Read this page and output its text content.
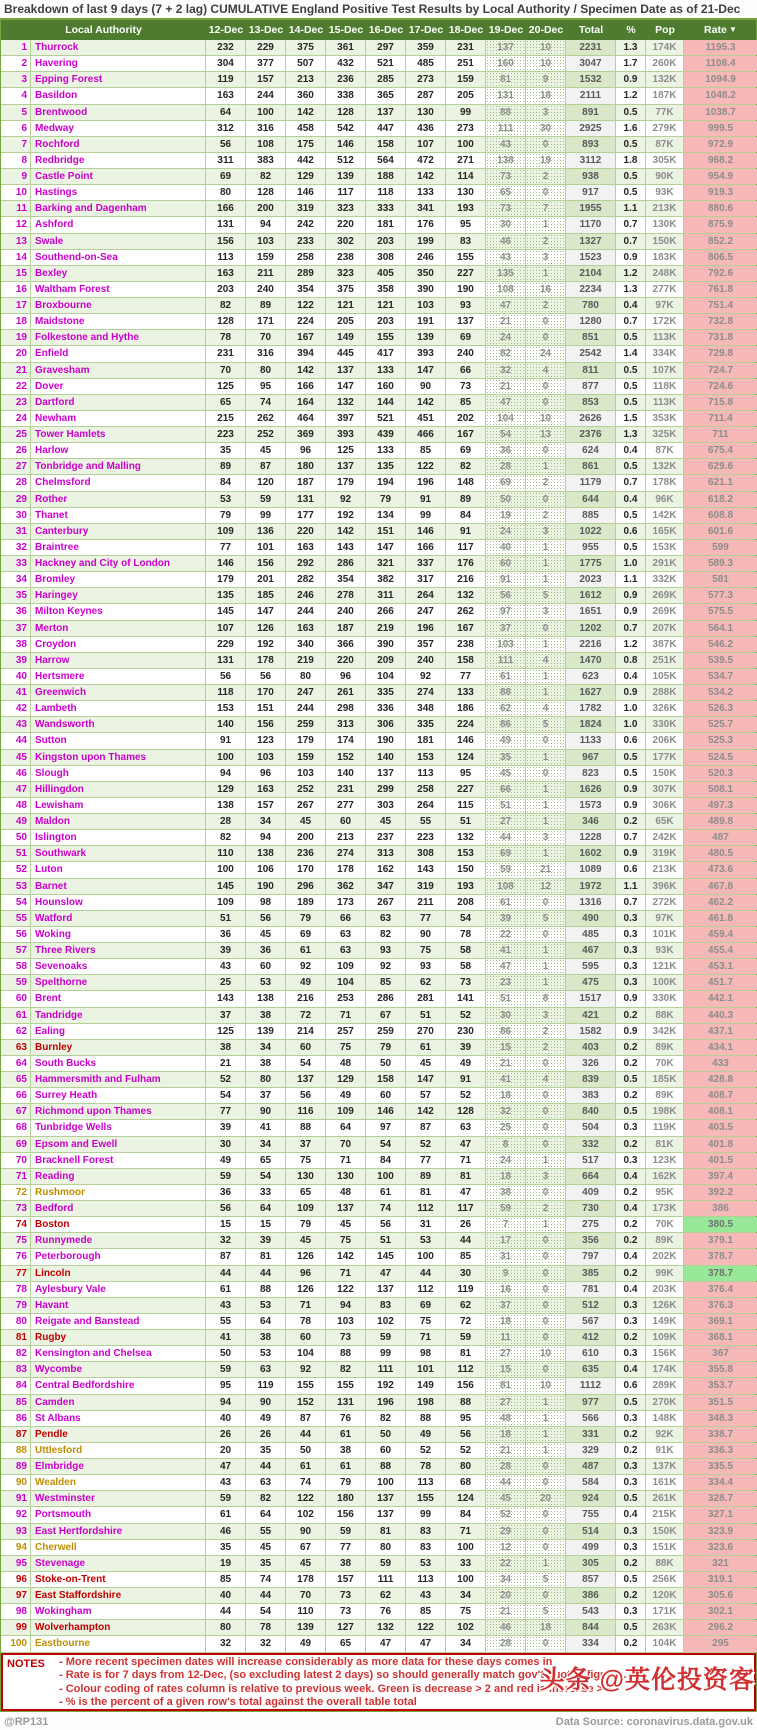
Breakdown of last 9 days (7 + 2 lag) CUMULATIVE England Positive Test Results by Local Authority / Specimen Date as of 21-Dec
Local Authority	12-Dec 13-Dec 14-Dec 15-Dec 16-Dec 17-Dec 18-Dec 19-Dec 20-Dec	Total	%	Pop	Rate ▼
1 Thurrock	232	229	375	361	297	359	231	137	10	2231	1.3	174K	1195.3
2 Havering	304	377	507	432	521	485	251	160	10	3047	1.7	260K	1108.4
3 Epping Forest	119	157	213	236	285	273	159	81	9	1532	0.9	132K	1094.9
4 Basildon	163	244	360	338	365	287	205	131	18	2111	1.2	187K	1048.2
5 Brentwood	64	100	142	128	137	130	99	88	3	891	0.5	77K	1038.7
6 Medway	312	316	458	542	447	436	273	111	30	2925	1.6	279K	999.5
7 Rochford	56	108	175	146	158	107	100	43	0	893	0.5	87K	972.9
8 Redbridge	311	383	442	512	564	472	271	138	19	3112	1.8	305K	968.2
9 Castle Point	69	82	129	139	188	142	114	73	2	938	0.5	90K	954.9
10 Hastings	80	128	146	117	118	133	130	65	0	917	0.5	93K	919.3
11 Barking and Dagenham	166	200	319	323	333	341	193	73	7	1955	1.1	213K	880.6
12 Ashford	131	94	242	220	181	176	95	30	1	1170	0.7	130K	875.9
13 Swale	156	103	233	302	203	199	83	46	2	1327	0.7	150K	852.2
14 Southend-on-Sea	113	159	258	238	308	246	155	43	3	1523	0.9	183K	806.5
15 Bexley	163	211	289	323	405	350	227	135	1	2104	1.2	248K	792.6
16 Waltham Forest	203	240	354	375	358	390	190	108	16	2234	1.3	277K	761.8
17 Broxbourne	82	89	122	121	121	103	93	47	2	780	0.4	97K	751.4
18 Maidstone	128	171	224	205	203	191	137	21	0	1280	0.7	172K	732.8
19 Folkestone and Hythe	78	70	167	149	155	139	69	24	0	851	0.5	113K	731.8
20 Enfield	231	316	394	445	417	393	240	82	24	2542	1.4	334K	729.8
21 Gravesham	70	80	142	137	133	147	66	32	4	811	0.5	107K	724.7
22 Dover	125	95	166	147	160	90	73	21	0	877	0.5	118K	724.6
23 Dartford	65	74	164	132	144	142	85	47	0	853	0.5	113K	715.8
24 Newham	215	262	464	397	521	451	202	104	10	2626	1.5	353K	711.4
25 Tower Hamlets	223	252	369	393	439	466	167	54	13	2376	1.3	325K	711
26 Harlow	35	45	96	125	133	85	69	36	0	624	0.4	87K	675.4
27 Tonbridge and Malling	89	87	180	137	135	122	82	28	1	861	0.5	132K	629.6
28 Chelmsford	84	120	187	179	194	196	148	69	2	1179	0.7	178K	621.1
29 Rother	53	59	131	92	79	91	89	50	0	644	0.4	96K	618.2
30 Thanet	79	99	177	192	134	99	84	19	2	885	0.5	142K	608.8
31 Canterbury	109	136	220	142	151	146	91	24	3	1022	0.6	165K	601.6
32 Braintree	77	101	163	143	147	166	117	40	1	955	0.5	153K	599
33 Hackney and City of London	146	156	292	286	321	337	176	60	1	1775	1.0	291K	589.3
34 Bromley	179	201	282	354	382	317	216	91	1	2023	1.1	332K	581
35 Haringey	135	185	246	278	311	264	132	56	5	1612	0.9	269K	577.3
36 Milton Keynes	145	147	244	240	266	247	262	97	3	1651	0.9	269K	575.5
37 Merton	107	126	163	187	219	196	167	37	0	1202	0.7	207K	564.1
38 Croydon	229	192	340	366	390	357	238	103	1	2216	1.2	387K	546.2
39 Harrow	131	178	219	220	209	240	158	111	4	1470	0.8	251K	539.5
40 Hertsmere	56	56	80	96	104	92	77	61	1	623	0.4	105K	534.7
41 Greenwich	118	170	247	261	335	274	133	88	1	1627	0.9	288K	534.2
42 Lambeth	153	151	244	298	336	348	186	62	4	1782	1.0	326K	526.3
43 Wandsworth	140	156	259	313	306	335	224	86	5	1824	1.0	330K	525.7
44 Sutton	91	123	179	174	190	181	146	49	0	1133	0.6	206K	525.3
45 Kingston upon Thames	100	103	159	152	140	153	124	35	1	967	0.5	177K	524.5
46 Slough	94	96	103	140	137	113	95	45	0	823	0.5	150K	520.3
47 Hillingdon	129	163	252	231	299	258	227	66	1	1626	0.9	307K	508.1
48 Lewisham	138	157	267	277	303	264	115	51	1	1573	0.9	306K	497.3
49 Maldon	28	34	45	60	45	55	51	27	1	346	0.2	65K	489.8
50 Islington	82	94	200	213	237	223	132	44	3	1228	0.7	242K	487
51 Southwark	110	138	236	274	313	308	153	69	1	1602	0.9	319K	480.5
52 Luton	100	106	170	178	162	143	150	59	21	1089	0.6	213K	473.6
53 Barnet	145	190	296	362	347	319	193	108	12	1972	1.1	396K	467.8
54 Hounslow	109	98	189	173	267	211	208	61	0	1316	0.7	272K	462.2
55 Watford	51	56	79	66	63	77	54	39	5	490	0.3	97K	461.8
56 Woking	36	45	69	63	82	90	78	22	0	485	0.3	101K	459.4
57 Three Rivers	39	36	61	63	93	75	58	41	1	467	0.3	93K	455.4
58 Sevenoaks	43	60	92	109	92	93	58	47	1	595	0.3	121K	453.1
59 Spelthorne	25	53	49	104	85	62	73	23	1	475	0.3	100K	451.7
60 Brent	143	138	216	253	286	281	141	51	8	1517	0.9	330K	442.1
61 Tandridge	37	38	72	71	67	51	52	30	3	421	0.2	88K	440.3
62 Ealing	125	139	214	257	259	270	230	86	2	1582	0.9	342K	437.1
63 Burnley	38	34	60	75	79	61	39	15	2	403	0.2	89K	434.1
64 South Bucks	21	38	54	48	50	45	49	21	0	326	0.2	70K	433
65 Hammersmith and Fulham	52	80	137	129	158	147	91	41	4	839	0.5	185K	428.8
66 Surrey Heath	54	37	56	49	60	57	52	18	0	383	0.2	89K	408.7
67 Richmond upon Thames	77	90	116	109	146	142	128	32	0	840	0.5	198K	408.1
68 Tunbridge Wells	39	41	88	64	97	87	63	25	0	504	0.3	119K	403.5
69 Epsom and Ewell	30	34	37	70	54	52	47	8	0	332	0.2	81K	401.8
70 Bracknell Forest	49	65	75	71	84	77	71	24	1	517	0.3	123K	401.5
71 Reading	59	54	130	130	100	89	81	18	3	664	0.4	162K	397.4
72 Rushmoor	36	33	65	48	61	81	47	38	0	409	0.2	95K	392.2
73 Bedford	56	64	109	137	74	112	117	59	2	730	0.4	173K	386
74 Boston	15	15	79	45	56	31	26	7	1	275	0.2	70K	380.5
75 Runnymede	32	39	45	75	51	53	44	17	0	356	0.2	89K	379.1
76 Peterborough	87	81	126	142	145	100	85	31	0	797	0.4	202K	378.7
77 Lincoln	44	44	96	71	47	44	30	9	0	385	0.2	99K	378.7
78 Aylesbury Vale	61	88	126	122	137	112	119	16	0	781	0.4	203K	376.4
79 Havant	43	53	71	94	83	69	62	37	0	512	0.3	126K	376.3
80 Reigate and Banstead	55	64	78	103	102	75	72	18	0	567	0.3	149K	369.1
81 Rugby	41	38	60	73	59	71	59	11	0	412	0.2	109K	368.1
82 Kensington and Chelsea	50	53	104	88	99	98	81	27	10	610	0.3	156K	367
83 Wycombe	59	63	92	82	111	101	112	15	0	635	0.4	174K	355.8
84 Central Bedfordshire	95	119	155	155	192	149	156	81	10	1112	0.6	289K	353.7
85 Camden	94	90	152	131	196	198	88	27	1	977	0.5	270K	351.5
86 St Albans	40	49	87	76	82	88	95	48	1	566	0.3	148K	348.3
87 Pendle	26	26	44	61	50	49	56	18	1	331	0.2	92K	338.7
88 Uttlesford	20	35	50	38	60	52	52	21	1	329	0.2	91K	336.3
89 Elmbridge	47	44	61	61	88	78	80	28	0	487	0.3	137K	335.5
90 Wealden	43	63	74	79	100	113	68	44	0	584	0.3	161K	334.4
91 Westminster	59	82	122	180	137	155	124	45	20	924	0.5	261K	328.7
92 Portsmouth	61	64	102	156	137	99	84	52	0	755	0.4	215K	327.1
93 East Hertfordshire	46	55	90	59	81	83	71	29	0	514	0.3	150K	323.9
94 Cherwell	35	45	67	77	80	83	100	12	0	499	0.3	151K	323.6
95 Stevenage	19	35	45	38	59	53	33	22	1	305	0.2	88K	321
96 Stoke-on-Trent	85	74	178	157	111	113	100	34	5	857	0.5	256K	319.1
97 East Staffordshire	40	44	70	73	62	43	34	20	0	386	0.2	120K	305.6
98 Wokingham	44	54	110	73	76	85	75	21	5	543	0.3	171K	302.1
99 Wolverhampton	80	78	139	127	132	122	102	46	18	844	0.5	263K	296.2
100 Eastbourne	32	32	49	65	47	47	34	28	0	334	0.2	104K	295
NOTES	- More recent specimen dates will increase considerably as more data for these days comes in
- Rate is for 7 days from 12-Dec, (so excluding latest 2 days) so should generally match gov't quoted figures.
- Colour coding of rates column is relative to previous week. Green is decrease > 2 and red is increase > 2.
- % is the percent of a given row's total against the overall table total
@RP131	Data Source: coronavirus.data.gov.uk
头条 @英伦投资客
